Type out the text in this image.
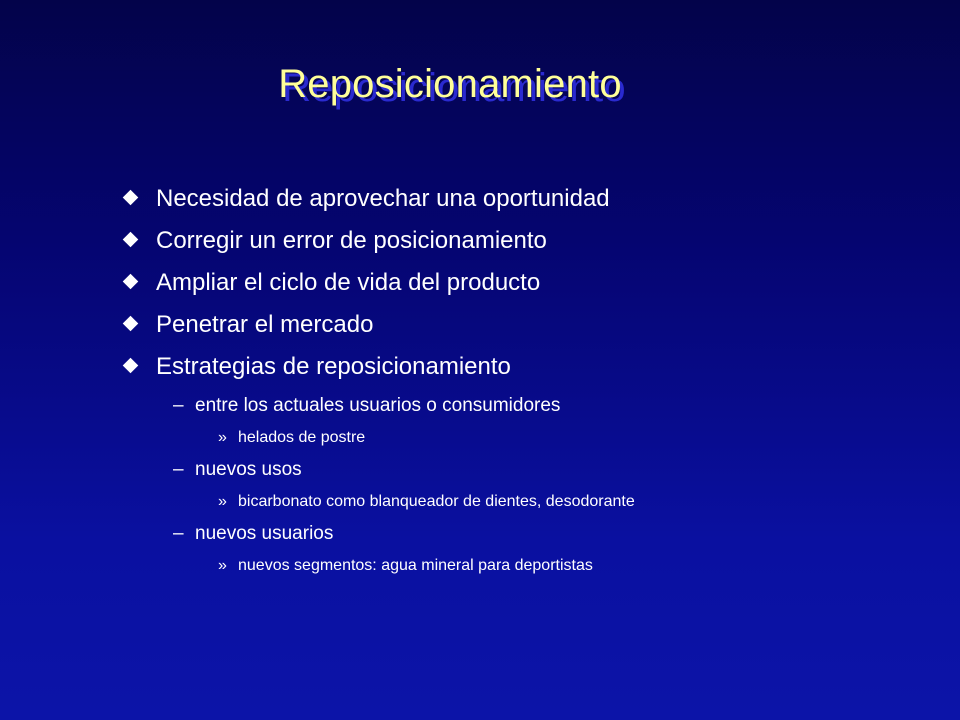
Reposicionamiento
Necesidad de aprovechar una oportunidad
Corregir un error de posicionamiento
Ampliar el ciclo de vida del producto
Penetrar el mercado
Estrategias de reposicionamiento
– entre los actuales usuarios o consumidores
» helados de postre
– nuevos usos
» bicarbonato como blanqueador de dientes, desodorante
– nuevos usuarios
» nuevos segmentos: agua mineral para deportistas
